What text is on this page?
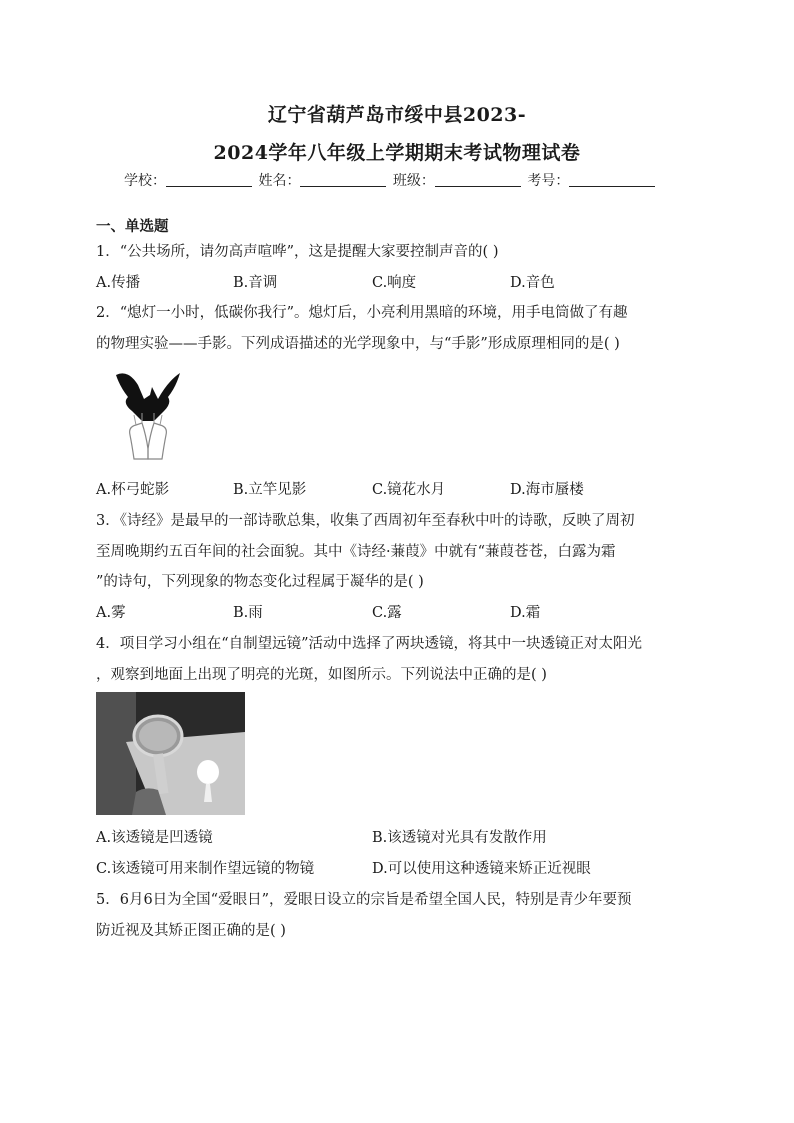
辽宁省葫芦岛市绥中县2023-
2024学年八年级上学期期末考试物理试卷
学校：	姓名：	班级：	考号：
一、单选题
1．“公共场所，请勿高声喧哗”，这是提醒大家要控制声音的( )
A.传播	B.音调	C.响度	D.音色
2．“熄灯一小时，低碳你我行”。熄灯后，小亮利用黑暗的环境，用手电筒做了有趣
的物理实验——手影。下列成语描述的光学现象中，与“手影”形成原理相同的是( )
A.杯弓蛇影	B.立竿见影	C.镜花水月	D.海市蜃楼
3．《诗经》是最早的一部诗歌总集，收集了西周初年至春秋中叶的诗歌，反映了周初
至周晚期约五百年间的社会面貌。其中《诗经·蒹葭》中就有“蒹葭苍苍，白露为霜
”的诗句，下列现象的物态变化过程属于凝华的是( )
A.雾	B.雨	C.露	D.霜
4．项目学习小组在“自制望远镜”活动中选择了两块透镜，将其中一块透镜正对太阳光
，观察到地面上出现了明亮的光斑，如图所示。下列说法中正确的是( )
A.该透镜是凹透镜	B.该透镜对光具有发散作用
C.该透镜可用来制作望远镜的物镜	D.可以使用这种透镜来矫正近视眼
5．6月6日为全国“爱眼日”，爱眼日设立的宗旨是希望全国人民，特别是青少年要预
防近视及其矫正图正确的是( )
